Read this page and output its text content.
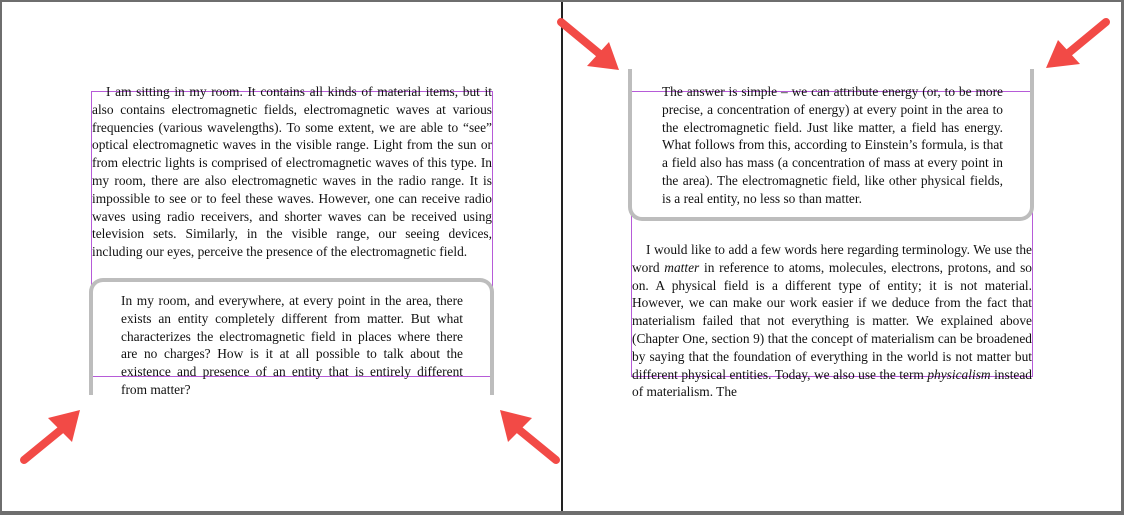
I am sitting in my room. It contains all kinds of material items, but it also contains electromagnetic fields, electromagnetic waves at various frequencies (various wavelengths). To some extent, we are able to “see” optical electromagnetic waves in the visible range. Light from the sun or from electric lights is comprised of electromagnetic waves of this type. In my room, there are also electromagnetic waves in the radio range. It is impossible to see or to feel these waves. However, one can receive radio waves using radio receivers, and shorter waves can be received using television sets. Similarly, in the visible range, our seeing devices, including our eyes, perceive the presence of the electromagnetic field.

In my room, and everywhere, at every point in the area, there exists an entity completely different from matter. But what characterizes the electromagnetic field in places where there are no charges? How is it at all possible to talk about the existence and presence of an entity that is entirely different from matter?

The answer is simple – we can attribute energy (or, to be more precise, a concentration of energy) at every point in the area to the electromagnetic field. Just like matter, a field has energy. What follows from this, according to Einstein’s formula, is that a field also has mass (a concentration of mass at every point in the area). The electromagnetic field, like other physical fields, is a real entity, no less so than matter.

I would like to add a few words here regarding terminology. We use the word matter in reference to atoms, molecules, electrons, protons, and so on. A physical field is a different type of entity; it is not material. However, we can make our work easier if we deduce from the fact that materialism failed that not everything is matter. We explained above (Chapter One, section 9) that the concept of materialism can be broadened by saying that the foundation of everything in the world is not matter but different physical entities. Today, we also use the term physicalism instead of materialism. The
